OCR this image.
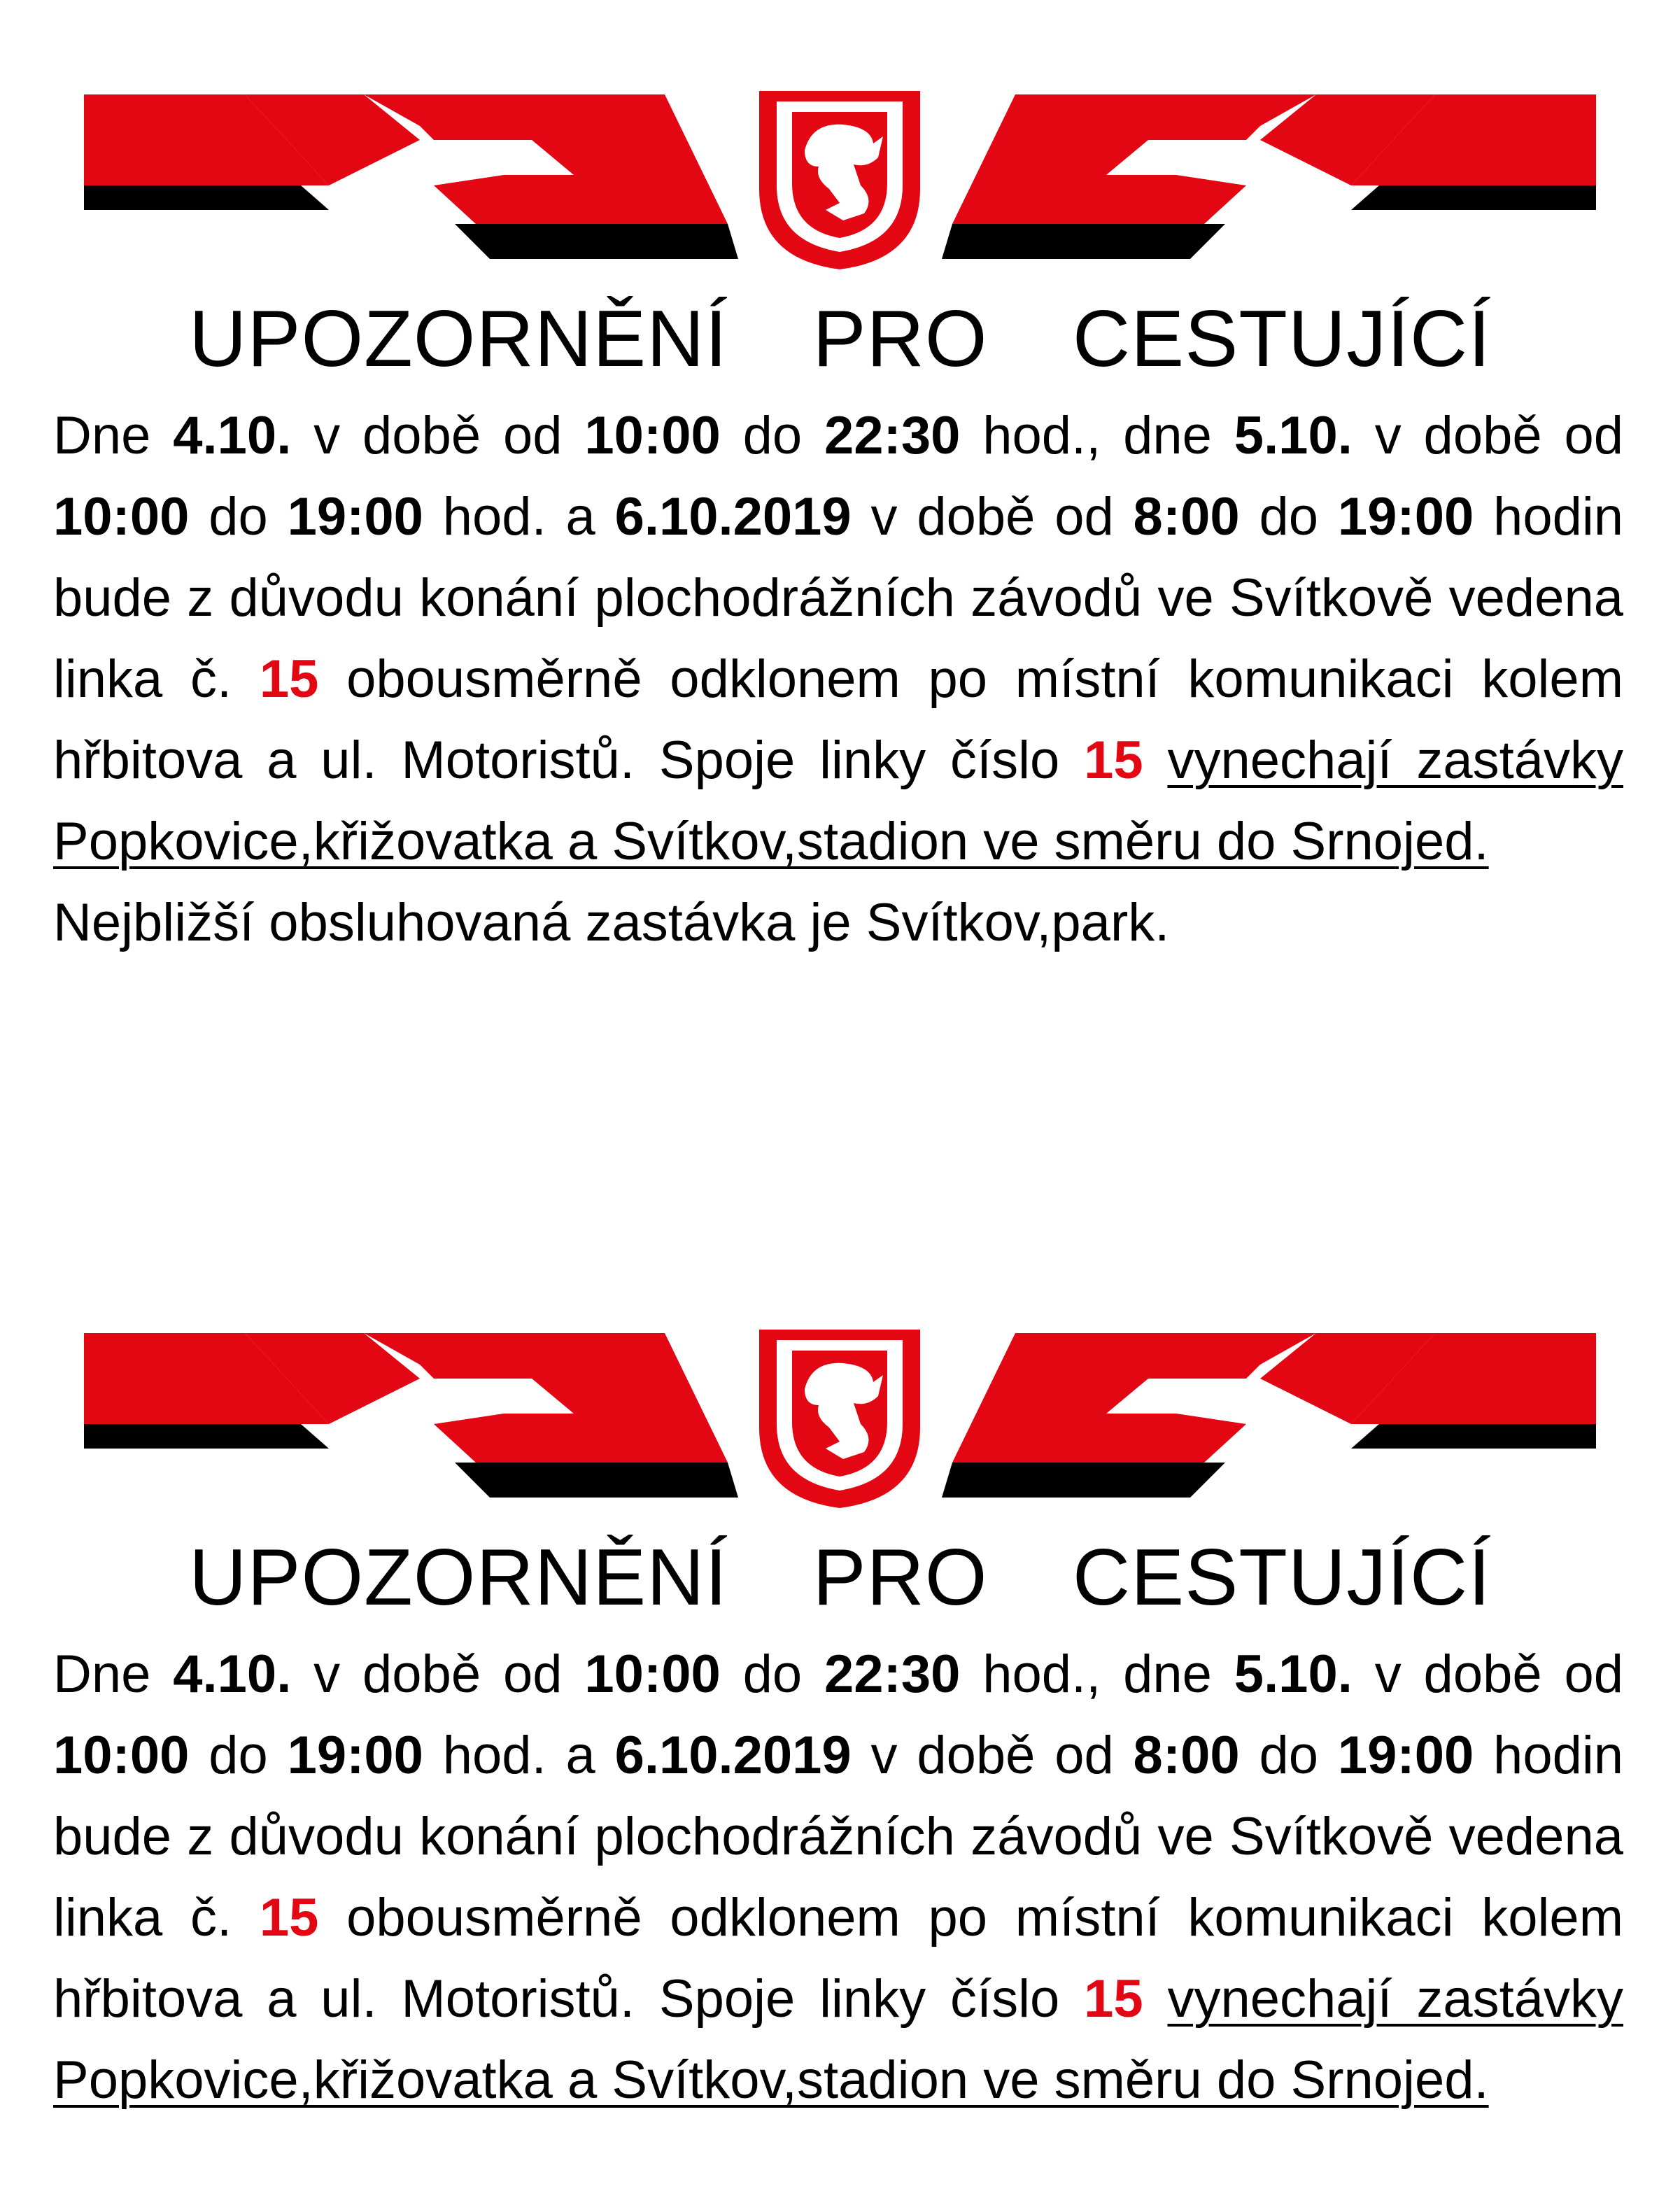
UPOZORNĚNÍ  PRO  CESTUJÍCÍ
Dne 4.10. v době od 10:00 do 22:30 hod., dne 5.10. v době od 10:00 do 19:00 hod. a 6.10.2019 v době od 8:00 do 19:00 hodin bude z důvodu konání plochodrážních závodů ve Svítkově vedena linka č. 15 obousměrně odklonem po místní komunikaci kolem hřbitova a ul. Motoristů. Spoje linky číslo 15 vynechají zastávky Popkovice,křižovatka a Svítkov,stadion ve směru do Srnojed.
Nejbližší obsluhovaná zastávka je Svítkov,park.
UPOZORNĚNÍ  PRO  CESTUJÍCÍ
Dne 4.10. v době od 10:00 do 22:30 hod., dne 5.10. v době od 10:00 do 19:00 hod. a 6.10.2019 v době od 8:00 do 19:00 hodin bude z důvodu konání plochodrážních závodů ve Svítkově vedena linka č. 15 obousměrně odklonem po místní komunikaci kolem hřbitova a ul. Motoristů. Spoje linky číslo 15 vynechají zastávky Popkovice,křižovatka a Svítkov,stadion ve směru do Srnojed.
